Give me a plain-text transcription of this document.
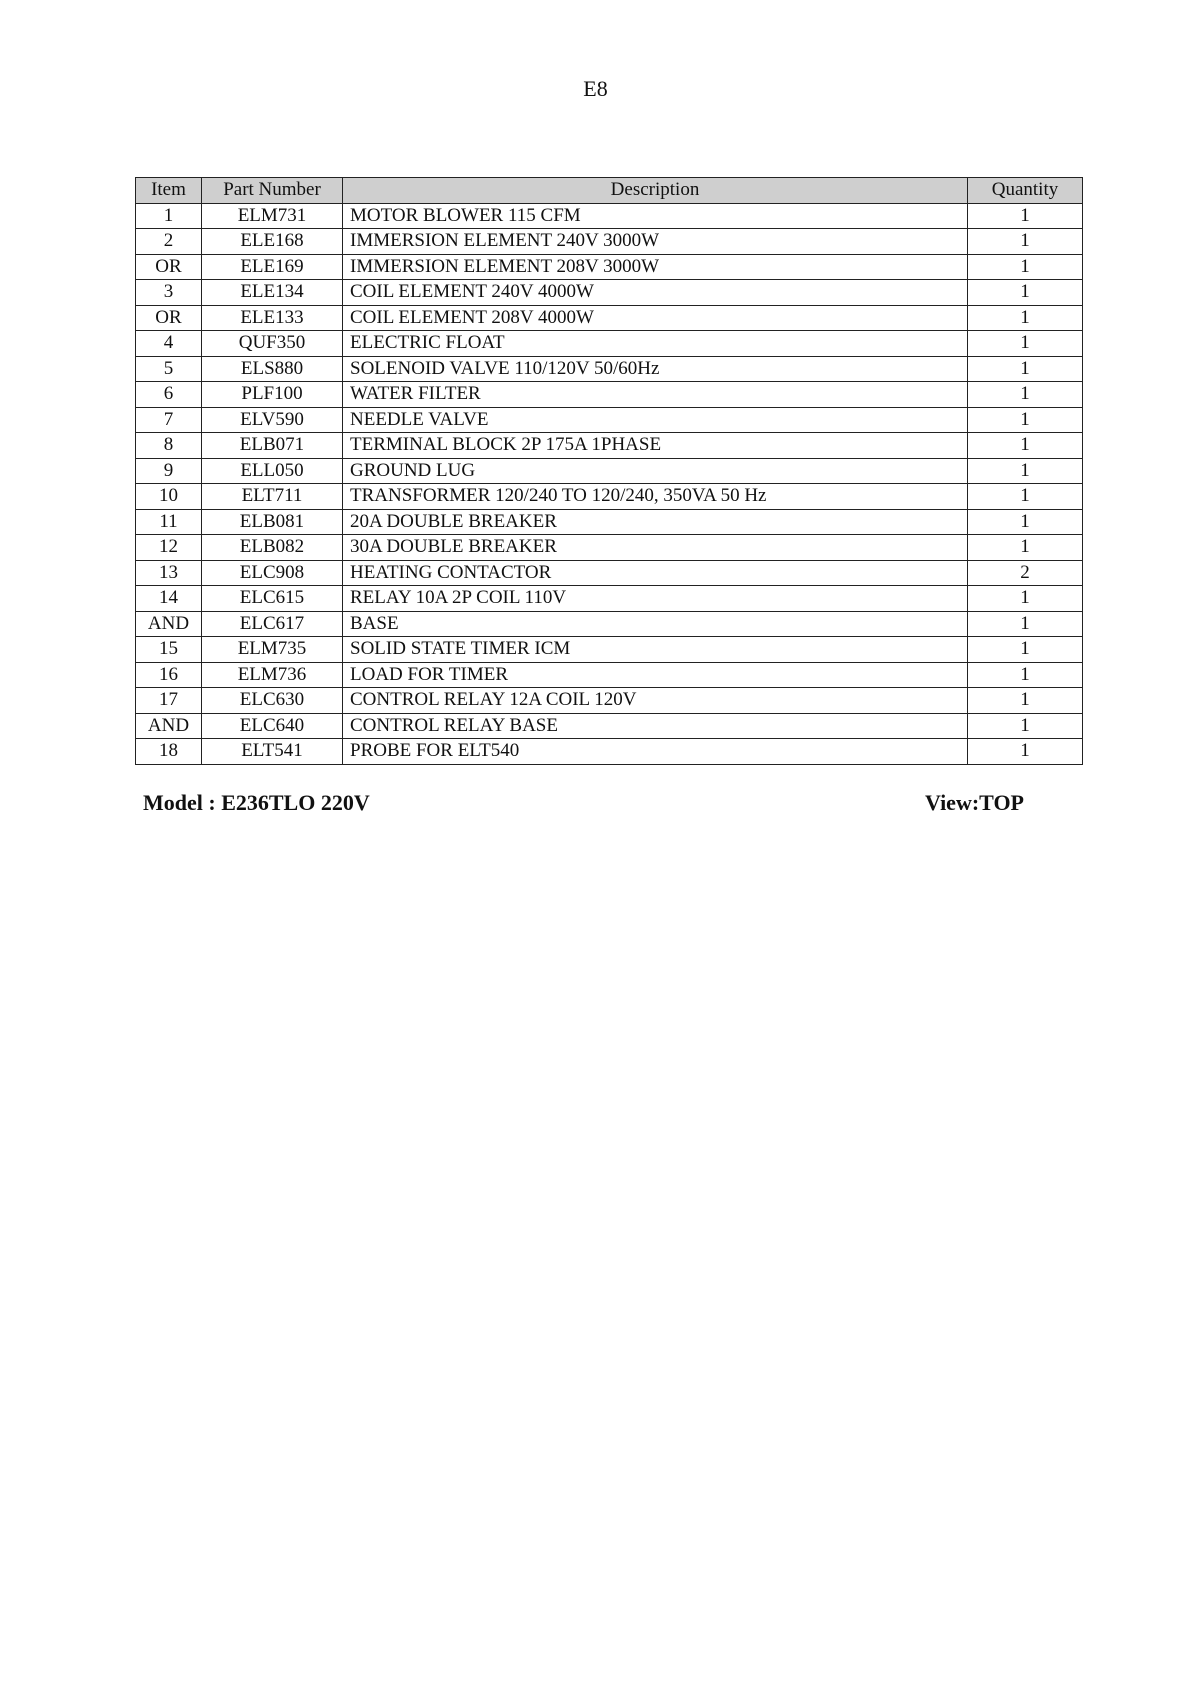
E8
Item	Part Number	Description	Quantity
1	ELM731	MOTOR BLOWER 115 CFM	1
2	ELE168	IMMERSION ELEMENT 240V 3000W	1
OR	ELE169	IMMERSION ELEMENT 208V 3000W	1
3	ELE134	COIL ELEMENT 240V 4000W	1
OR	ELE133	COIL ELEMENT 208V 4000W	1
4	QUF350	ELECTRIC FLOAT	1
5	ELS880	SOLENOID VALVE 110/120V 50/60Hz	1
6	PLF100	WATER FILTER	1
7	ELV590	NEEDLE VALVE	1
8	ELB071	TERMINAL BLOCK 2P 175A 1PHASE	1
9	ELL050	GROUND LUG	1
10	ELT711	TRANSFORMER 120/240 TO 120/240, 350VA 50 Hz	1
11	ELB081	20A DOUBLE BREAKER	1
12	ELB082	30A DOUBLE BREAKER	1
13	ELC908	HEATING CONTACTOR	2
14	ELC615	RELAY 10A 2P COIL 110V	1
AND	ELC617	BASE	1
15	ELM735	SOLID STATE TIMER ICM	1
16	ELM736	LOAD FOR TIMER	1
17	ELC630	CONTROL RELAY 12A COIL 120V	1
AND	ELC640	CONTROL RELAY BASE	1
18	ELT541	PROBE FOR ELT540	1
Model : E236TLO 220V	View:TOP
